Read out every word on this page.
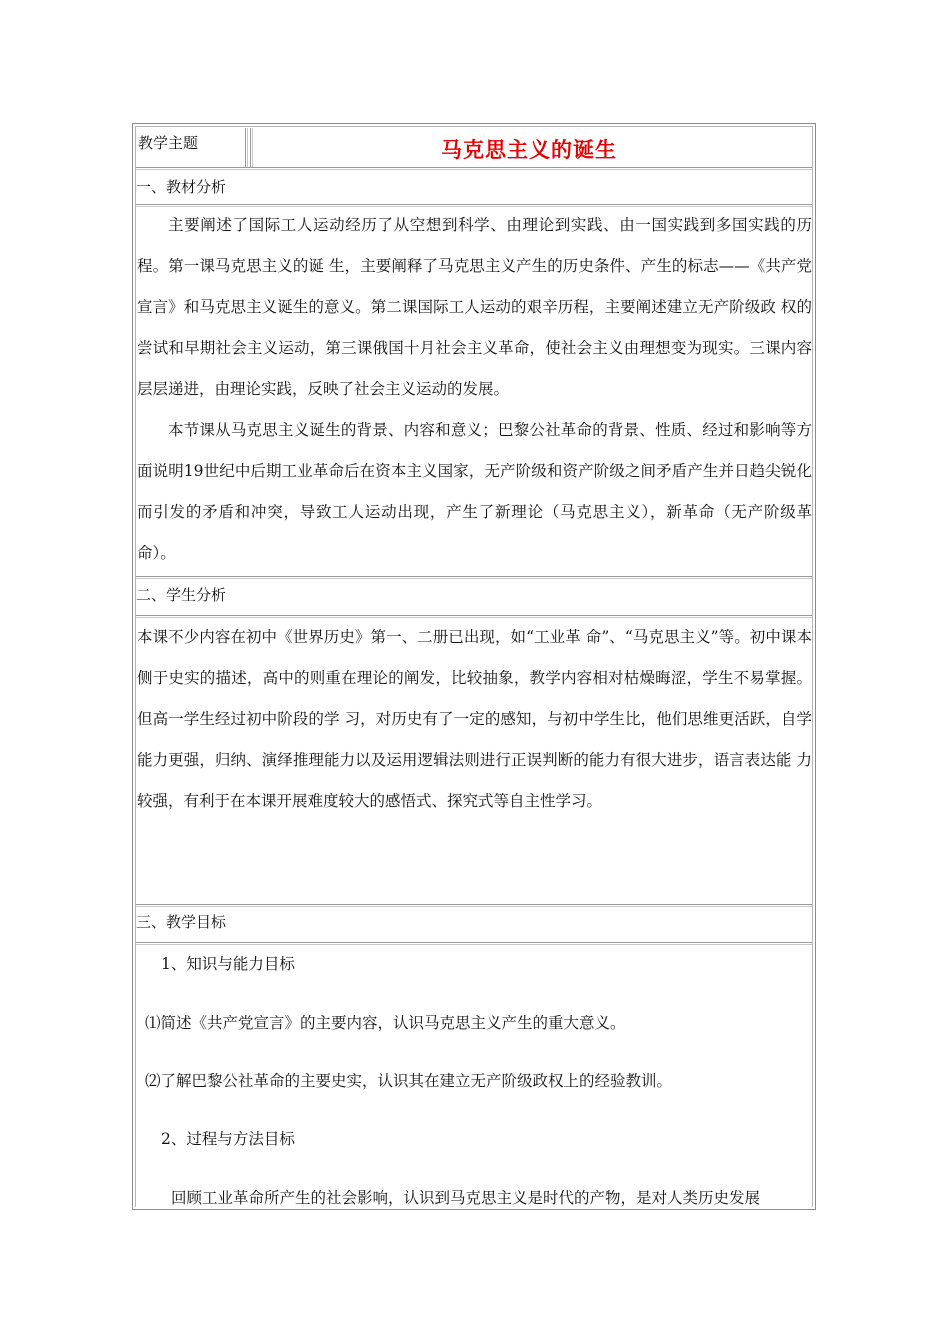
教学主题	马克思主义的诞生
一、教材分析
主要阐述了国际工人运动经历了从空想到科学、由理论到实践、由一国实践到多国实践的历程。第一课马克思主义的诞 生，主要阐释了马克思主义产生的历史条件、产生的标志——《共产党宣言》和马克思主义诞生的意义。第二课国际工人运动的艰辛历程，主要阐述建立无产阶级政 权的尝试和早期社会主义运动，第三课俄国十月社会主义革命，使社会主义由理想变为现实。三课内容层层递进，由理论实践，反映了社会主义运动的发展。
本节课从马克思主义诞生的背景、内容和意义；巴黎公社革命的背景、性质、经过和影响等方面说明19世纪中后期工业革命后在资本主义国家，无产阶级和资产阶级之间矛盾产生并日趋尖锐化而引发的矛盾和冲突，导致工人运动出现，产生了新理论（马克思主义），新革命（无产阶级革命）。
二、学生分析
本课不少内容在初中《世界历史》第一、二册已出现，如“工业革 命”、“马克思主义”等。初中课本侧于史实的描述，高中的则重在理论的阐发，比较抽象，教学内容相对枯燥晦涩，学生不易掌握。但高一学生经过初中阶段的学 习，对历史有了一定的感知，与初中学生比，他们思维更活跃，自学能力更强，归纳、演绎推理能力以及运用逻辑法则进行正误判断的能力有很大进步，语言表达能 力较强，有利于在本课开展难度较大的感悟式、探究式等自主性学习。
三、教学目标
1、知识与能力目标
⑴简述《共产党宣言》的主要内容，认识马克思主义产生的重大意义。
⑵了解巴黎公社革命的主要史实，认识其在建立无产阶级政权上的经验教训。
2、过程与方法目标
回顾工业革命所产生的社会影响，认识到马克思主义是时代的产物，是对人类历史发展
